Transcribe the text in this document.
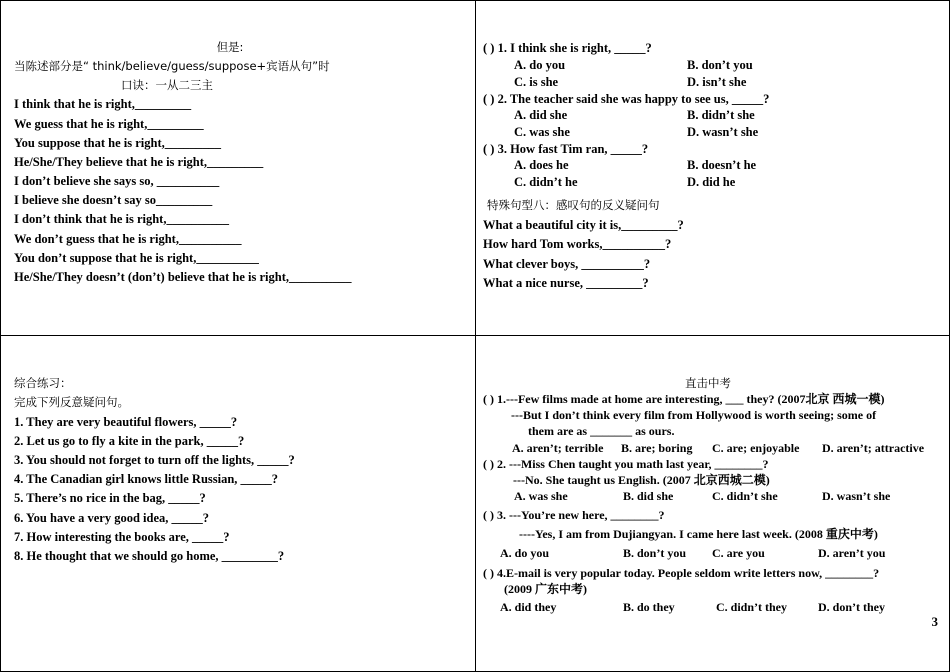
但是:
当陈述部分是“ think/believe/guess/suppose+宾语从句”时
口诀：一从二三主
I think that he is right,_________
We guess that he is right,_________
You suppose that he is right,_________
He/She/They believe that he is right,_________
I don’t believe she says so, __________
I believe she doesn’t say so_________
I don’t think that he is right,__________
We don’t guess that he is right,__________
You don’t suppose that he is right,__________
He/She/They doesn’t (don’t) believe that he is right,__________
( ) 1. I think she is right, _____?
A. do you	B. don’t you
C. is she	D. isn’t she
( ) 2. The teacher said she was happy to see us, _____?
A. did she	B. didn’t she
C. was she	D. wasn’t she
( ) 3. How fast Tim ran, _____?
A. does he	B. doesn’t he
C. didn’t he	D. did he
特殊句型八：感叹句的反义疑问句
What a beautiful city it is,_________?
How hard Tom works,__________?
What clever boys, __________?
What a nice nurse, _________?
综合练习：
完成下列反意疑问句。
1. They are very beautiful flowers, _____?
2. Let us go to fly a kite in the park, _____?
3. You should not forget to turn off the lights, _____?
4. The Canadian girl knows little Russian, _____?
5. There’s no rice in the bag, _____?
6. You have a very good idea, _____?
7. How interesting the books are, _____?
8. He thought that we should go home, _________?
直击中考
( ) 1.---Few films made at home are interesting, ___ they? (2007北京 西城一模)
---But I don’t think every film from Hollywood is worth seeing; some of
them are as _______ as ours.
A. aren’t; terrible B. are; boring C. are; enjoyable D. aren’t; attractive
( ) 2. ---Miss Chen taught you math last year, ________?
---No. She taught us English. (2007 北京西城二模)
A. was she	B. did she	C. didn’t she	D. wasn’t she
( ) 3. ---You’re new here, ________?
----Yes, I am from Dujiangyan. I came here last week. (2008 重庆中考)
A. do you	B. don’t you C. are you	D. aren’t you
( ) 4.E-mail is very popular today. People seldom write letters now, ________?
(2009 广东中考)
A. did they	B. do they	C. didn’t they	D. don’t they
3
